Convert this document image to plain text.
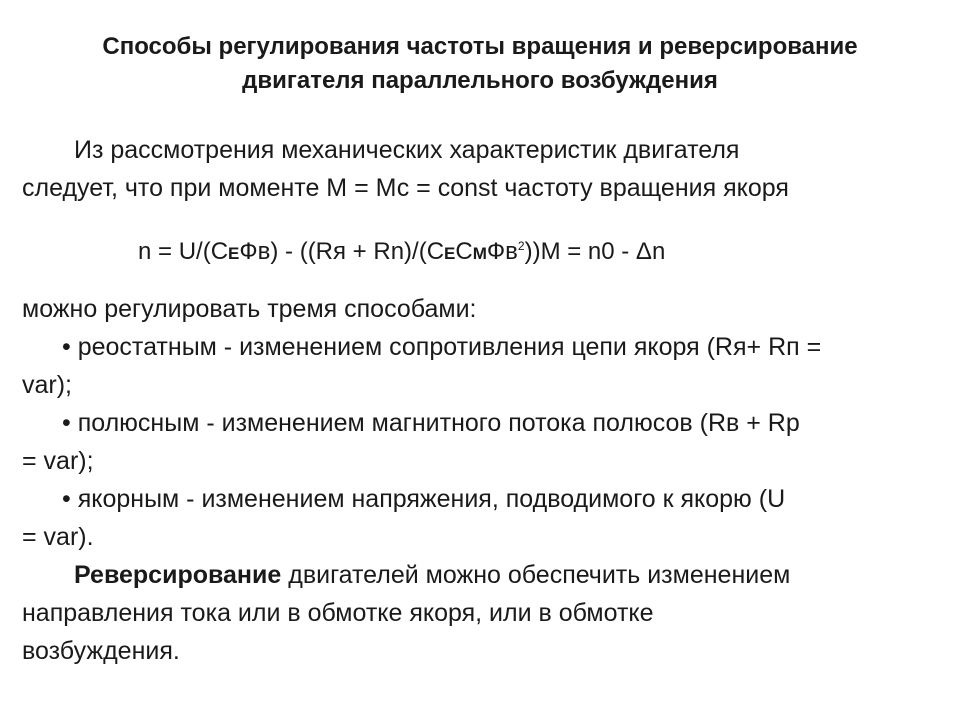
Способы регулирования частоты вращения и реверсирование
двигателя параллельного возбуждения
Из рассмотрения механических характеристик двигателя
следует, что при моменте М = Мс = const частоту вращения якоря
n = U/(СЕФв) - ((Rя + Rn)/(СЕСМФв$^2$))М = n0 - Δn

можно регулировать тремя способами:

• реостатным - изменением сопротивления цепи якоря (Rя+ Rп =

var);

• полюсным - изменением магнитного потока полюсов (Rв + Rр

= var);

• якорным - изменением напряжения, подводимого к якорю (U

= var).

Реверсирование двигателей можно обеспечить изменением

направления тока или в обмотке якоря, или в обмотке

возбуждения.
